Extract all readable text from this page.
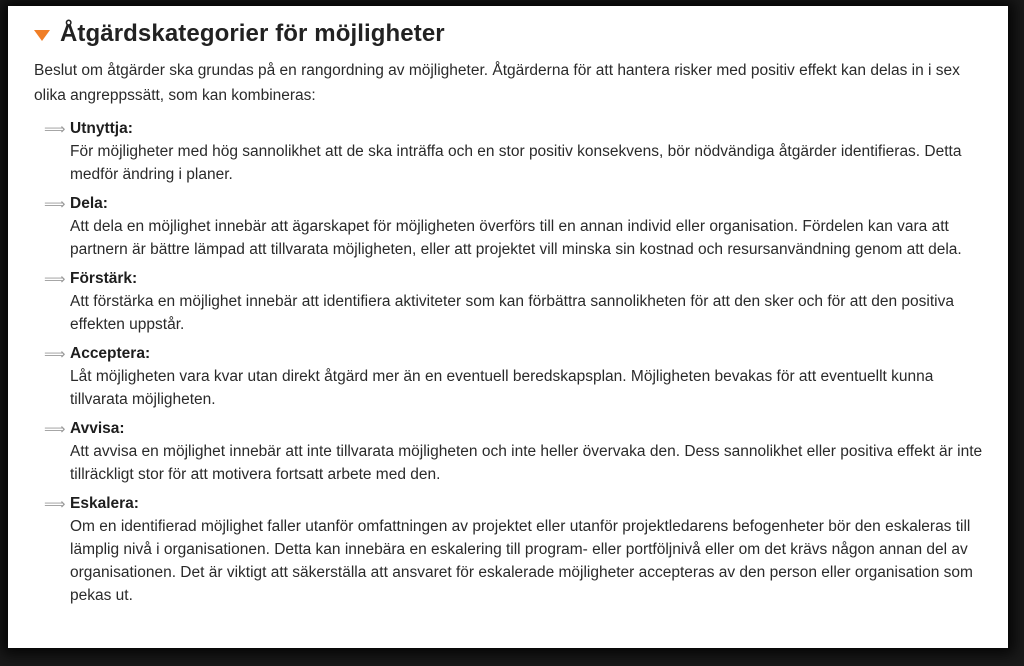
Åtgärdskategorier för möjligheter

Beslut om åtgärder ska grundas på en rangordning av möjligheter. Åtgärderna för att hantera risker med positiv effekt kan delas in i sex olika angreppssätt, som kan kombineras:

⟹ Utnyttja:
För möjligheter med hög sannolikhet att de ska inträffa och en stor positiv konsekvens, bör nödvändiga åtgärder identifieras. Detta medför ändring i planer.
⟹ Dela:
Att dela en möjlighet innebär att ägarskapet för möjligheten överförs till en annan individ eller organisation. Fördelen kan vara att partnern är bättre lämpad att tillvarata möjligheten, eller att projektet vill minska sin kostnad och resursanvändning genom att dela.
⟹ Förstärk:
Att förstärka en möjlighet innebär att identifiera aktiviteter som kan förbättra sannolikheten för att den sker och för att den positiva effekten uppstår.
⟹ Acceptera:
Låt möjligheten vara kvar utan direkt åtgärd mer än en eventuell beredskapsplan. Möjligheten bevakas för att eventuellt kunna tillvarata möjligheten.
⟹ Avvisa:
Att avvisa en möjlighet innebär att inte tillvarata möjligheten och inte heller övervaka den. Dess sannolikhet eller positiva effekt är inte tillräckligt stor för att motivera fortsatt arbete med den.
⟹ Eskalera:
Om en identifierad möjlighet faller utanför omfattningen av projektet eller utanför projektledarens befogenheter bör den eskaleras till lämplig nivå i organisationen. Detta kan innebära en eskalering till program- eller portföljnivå eller om det krävs någon annan del av organisationen. Det är viktigt att säkerställa att ansvaret för eskalerade möjligheter accepteras av den person eller organisation som pekas ut.
